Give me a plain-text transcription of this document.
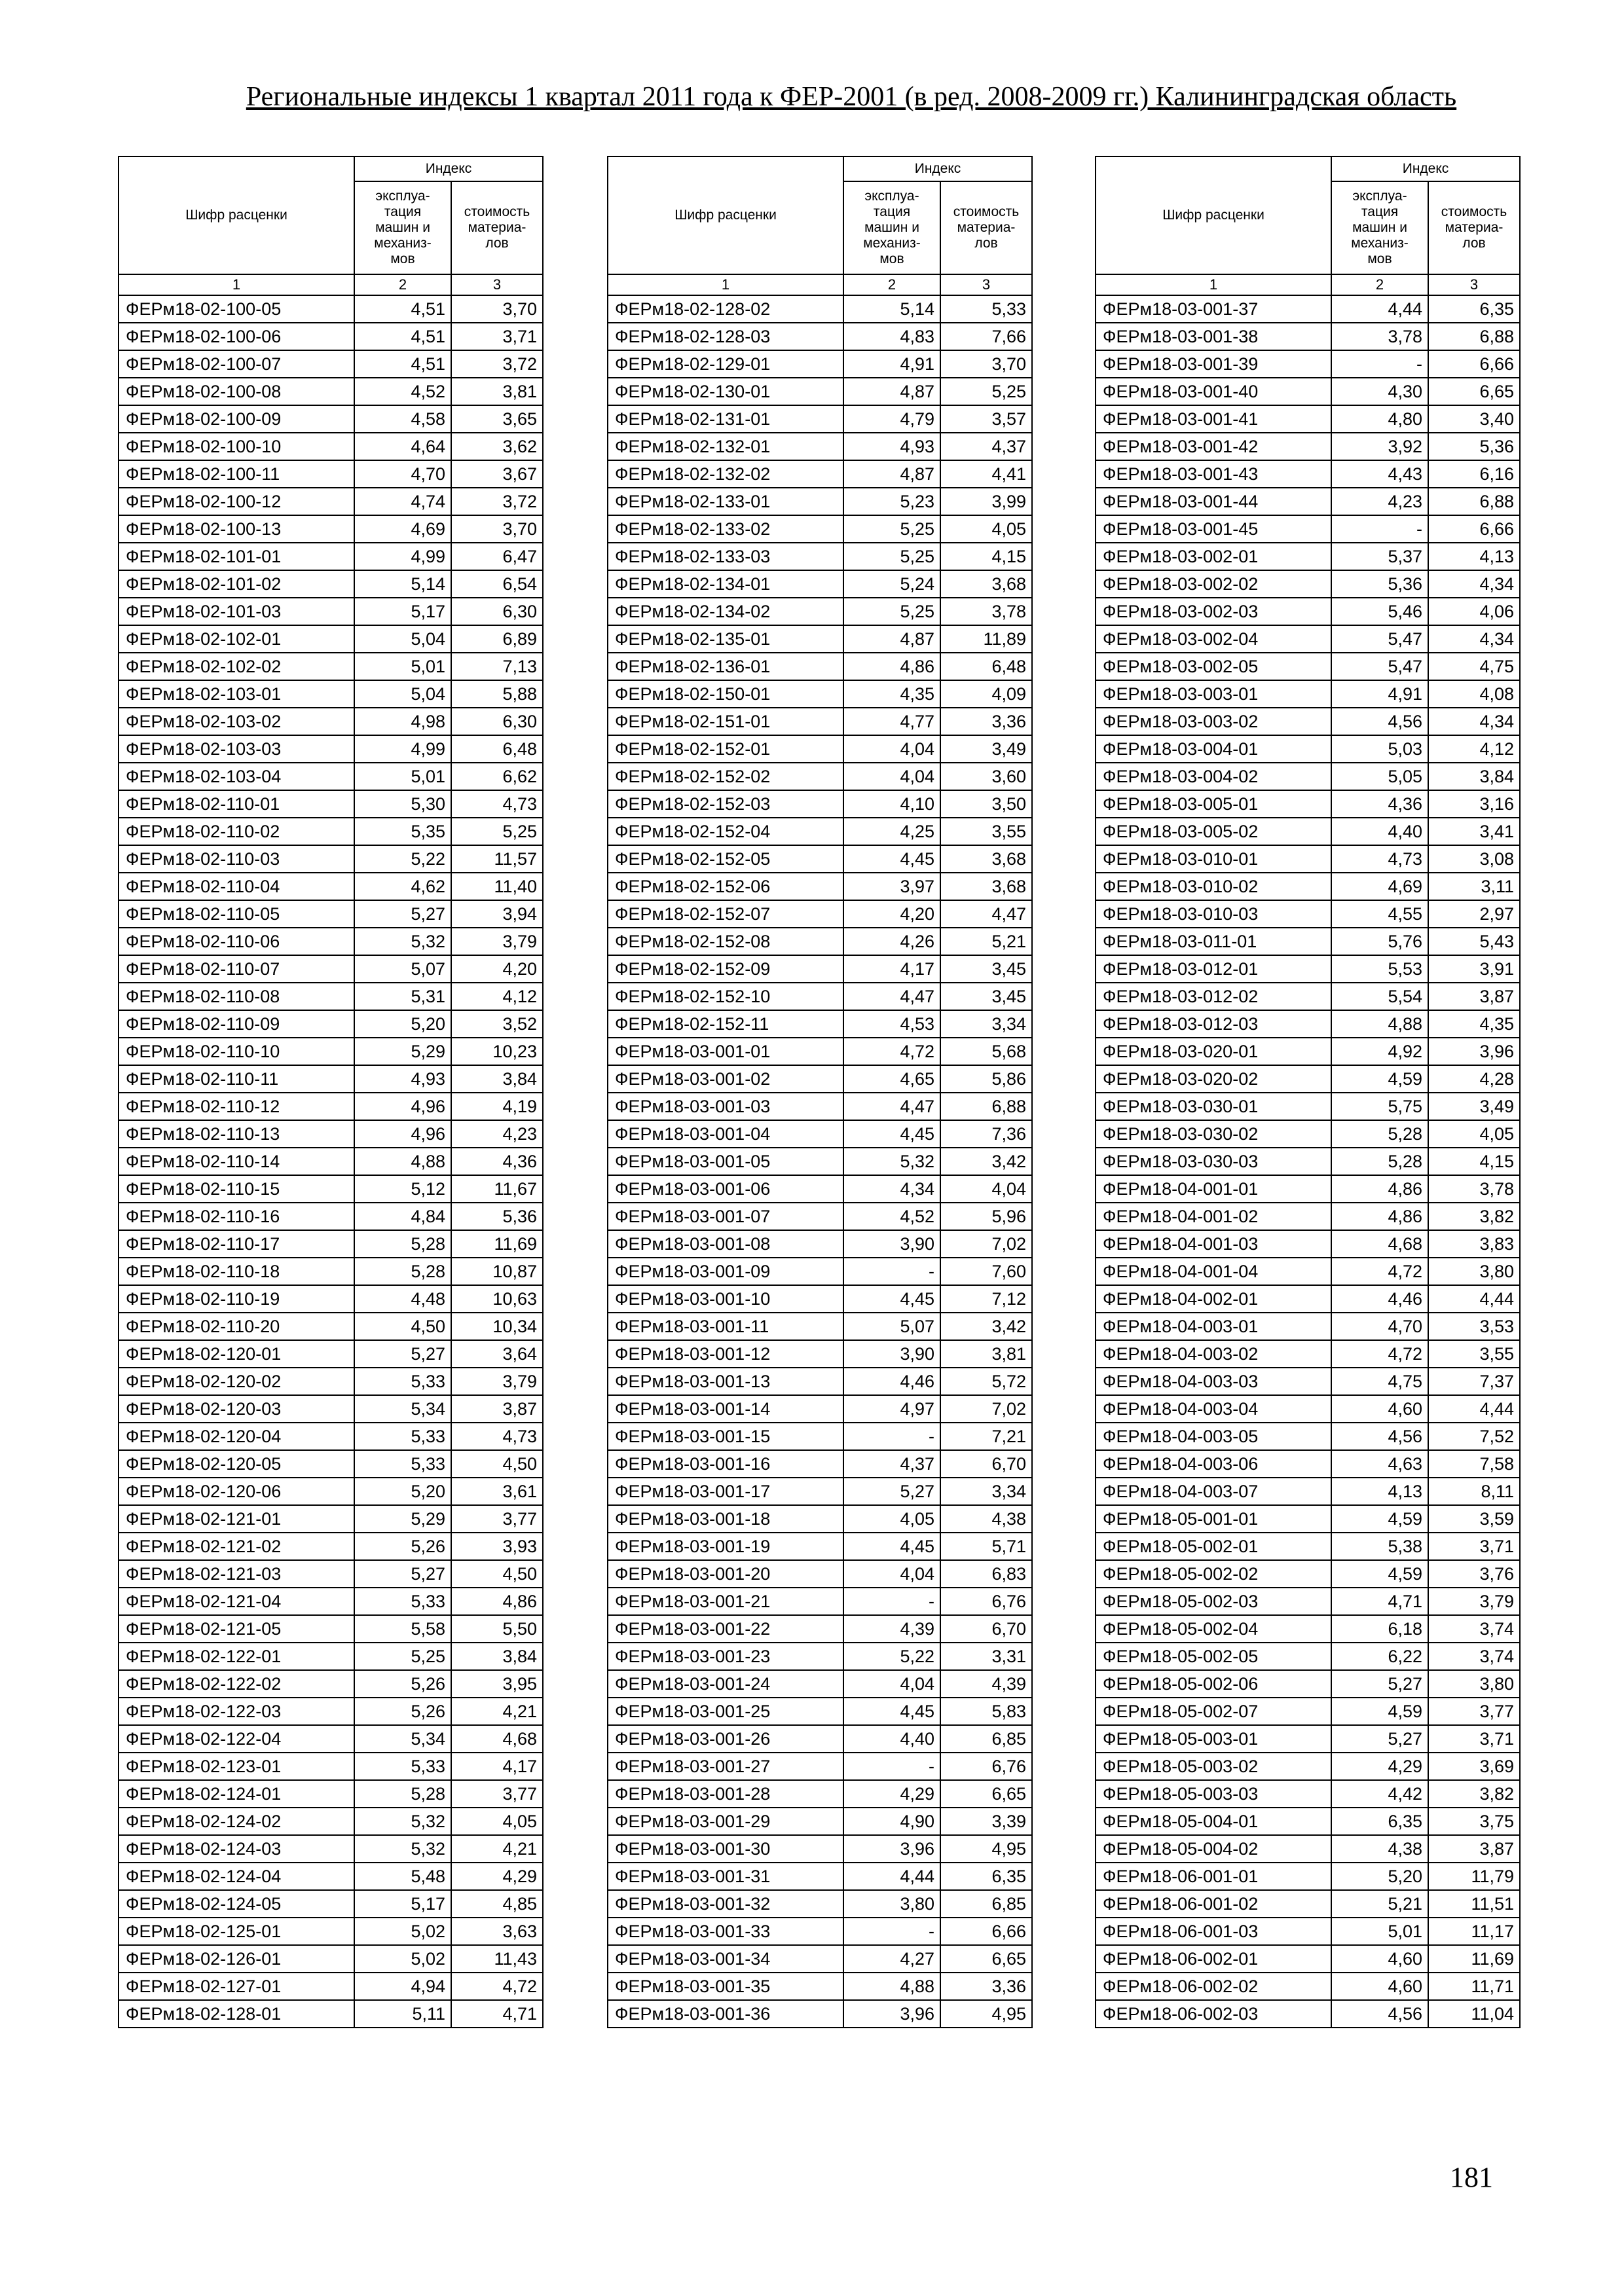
Региональные индексы 1 квартал 2011 года к ФЕР-2001 (в ред. 2008-2009 гг.) Калининградская область
Шифр расценки	Индекс	
	эксплуа-
тация
машин и
механиз-
мов	стоимость
материа-
лов
1	2	3
ФЕРм18-02-100-05	4,51	3,70
ФЕРм18-02-100-06	4,51	3,71
ФЕРм18-02-100-07	4,51	3,72
ФЕРм18-02-100-08	4,52	3,81
ФЕРм18-02-100-09	4,58	3,65
ФЕРм18-02-100-10	4,64	3,62
ФЕРм18-02-100-11	4,70	3,67
ФЕРм18-02-100-12	4,74	3,72
ФЕРм18-02-100-13	4,69	3,70
ФЕРм18-02-101-01	4,99	6,47
ФЕРм18-02-101-02	5,14	6,54
ФЕРм18-02-101-03	5,17	6,30
ФЕРм18-02-102-01	5,04	6,89
ФЕРм18-02-102-02	5,01	7,13
ФЕРм18-02-103-01	5,04	5,88
ФЕРм18-02-103-02	4,98	6,30
ФЕРм18-02-103-03	4,99	6,48
ФЕРм18-02-103-04	5,01	6,62
ФЕРм18-02-110-01	5,30	4,73
ФЕРм18-02-110-02	5,35	5,25
ФЕРм18-02-110-03	5,22	11,57
ФЕРм18-02-110-04	4,62	11,40
ФЕРм18-02-110-05	5,27	3,94
ФЕРм18-02-110-06	5,32	3,79
ФЕРм18-02-110-07	5,07	4,20
ФЕРм18-02-110-08	5,31	4,12
ФЕРм18-02-110-09	5,20	3,52
ФЕРм18-02-110-10	5,29	10,23
ФЕРм18-02-110-11	4,93	3,84
ФЕРм18-02-110-12	4,96	4,19
ФЕРм18-02-110-13	4,96	4,23
ФЕРм18-02-110-14	4,88	4,36
ФЕРм18-02-110-15	5,12	11,67
ФЕРм18-02-110-16	4,84	5,36
ФЕРм18-02-110-17	5,28	11,69
ФЕРм18-02-110-18	5,28	10,87
ФЕРм18-02-110-19	4,48	10,63
ФЕРм18-02-110-20	4,50	10,34
ФЕРм18-02-120-01	5,27	3,64
ФЕРм18-02-120-02	5,33	3,79
ФЕРм18-02-120-03	5,34	3,87
ФЕРм18-02-120-04	5,33	4,73
ФЕРм18-02-120-05	5,33	4,50
ФЕРм18-02-120-06	5,20	3,61
ФЕРм18-02-121-01	5,29	3,77
ФЕРм18-02-121-02	5,26	3,93
ФЕРм18-02-121-03	5,27	4,50
ФЕРм18-02-121-04	5,33	4,86
ФЕРм18-02-121-05	5,58	5,50
ФЕРм18-02-122-01	5,25	3,84
ФЕРм18-02-122-02	5,26	3,95
ФЕРм18-02-122-03	5,26	4,21
ФЕРм18-02-122-04	5,34	4,68
ФЕРм18-02-123-01	5,33	4,17
ФЕРм18-02-124-01	5,28	3,77
ФЕРм18-02-124-02	5,32	4,05
ФЕРм18-02-124-03	5,32	4,21
ФЕРм18-02-124-04	5,48	4,29
ФЕРм18-02-124-05	5,17	4,85
ФЕРм18-02-125-01	5,02	3,63
ФЕРм18-02-126-01	5,02	11,43
ФЕРм18-02-127-01	4,94	4,72
ФЕРм18-02-128-01	5,11	4,71
Шифр расценки	Индекс	
	эксплуа-
тация
машин и
механиз-
мов	стоимость
материа-
лов
1	2	3
ФЕРм18-02-128-02	5,14	5,33
ФЕРм18-02-128-03	4,83	7,66
ФЕРм18-02-129-01	4,91	3,70
ФЕРм18-02-130-01	4,87	5,25
ФЕРм18-02-131-01	4,79	3,57
ФЕРм18-02-132-01	4,93	4,37
ФЕРм18-02-132-02	4,87	4,41
ФЕРм18-02-133-01	5,23	3,99
ФЕРм18-02-133-02	5,25	4,05
ФЕРм18-02-133-03	5,25	4,15
ФЕРм18-02-134-01	5,24	3,68
ФЕРм18-02-134-02	5,25	3,78
ФЕРм18-02-135-01	4,87	11,89
ФЕРм18-02-136-01	4,86	6,48
ФЕРм18-02-150-01	4,35	4,09
ФЕРм18-02-151-01	4,77	3,36
ФЕРм18-02-152-01	4,04	3,49
ФЕРм18-02-152-02	4,04	3,60
ФЕРм18-02-152-03	4,10	3,50
ФЕРм18-02-152-04	4,25	3,55
ФЕРм18-02-152-05	4,45	3,68
ФЕРм18-02-152-06	3,97	3,68
ФЕРм18-02-152-07	4,20	4,47
ФЕРм18-02-152-08	4,26	5,21
ФЕРм18-02-152-09	4,17	3,45
ФЕРм18-02-152-10	4,47	3,45
ФЕРм18-02-152-11	4,53	3,34
ФЕРм18-03-001-01	4,72	5,68
ФЕРм18-03-001-02	4,65	5,86
ФЕРм18-03-001-03	4,47	6,88
ФЕРм18-03-001-04	4,45	7,36
ФЕРм18-03-001-05	5,32	3,42
ФЕРм18-03-001-06	4,34	4,04
ФЕРм18-03-001-07	4,52	5,96
ФЕРм18-03-001-08	3,90	7,02
ФЕРм18-03-001-09	-	7,60
ФЕРм18-03-001-10	4,45	7,12
ФЕРм18-03-001-11	5,07	3,42
ФЕРм18-03-001-12	3,90	3,81
ФЕРм18-03-001-13	4,46	5,72
ФЕРм18-03-001-14	4,97	7,02
ФЕРм18-03-001-15	-	7,21
ФЕРм18-03-001-16	4,37	6,70
ФЕРм18-03-001-17	5,27	3,34
ФЕРм18-03-001-18	4,05	4,38
ФЕРм18-03-001-19	4,45	5,71
ФЕРм18-03-001-20	4,04	6,83
ФЕРм18-03-001-21	-	6,76
ФЕРм18-03-001-22	4,39	6,70
ФЕРм18-03-001-23	5,22	3,31
ФЕРм18-03-001-24	4,04	4,39
ФЕРм18-03-001-25	4,45	5,83
ФЕРм18-03-001-26	4,40	6,85
ФЕРм18-03-001-27	-	6,76
ФЕРм18-03-001-28	4,29	6,65
ФЕРм18-03-001-29	4,90	3,39
ФЕРм18-03-001-30	3,96	4,95
ФЕРм18-03-001-31	4,44	6,35
ФЕРм18-03-001-32	3,80	6,85
ФЕРм18-03-001-33	-	6,66
ФЕРм18-03-001-34	4,27	6,65
ФЕРм18-03-001-35	4,88	3,36
ФЕРм18-03-001-36	3,96	4,95
Шифр расценки	Индекс	
	эксплуа-
тация
машин и
механиз-
мов	стоимость
материа-
лов
1	2	3
ФЕРм18-03-001-37	4,44	6,35
ФЕРм18-03-001-38	3,78	6,88
ФЕРм18-03-001-39	-	6,66
ФЕРм18-03-001-40	4,30	6,65
ФЕРм18-03-001-41	4,80	3,40
ФЕРм18-03-001-42	3,92	5,36
ФЕРм18-03-001-43	4,43	6,16
ФЕРм18-03-001-44	4,23	6,88
ФЕРм18-03-001-45	-	6,66
ФЕРм18-03-002-01	5,37	4,13
ФЕРм18-03-002-02	5,36	4,34
ФЕРм18-03-002-03	5,46	4,06
ФЕРм18-03-002-04	5,47	4,34
ФЕРм18-03-002-05	5,47	4,75
ФЕРм18-03-003-01	4,91	4,08
ФЕРм18-03-003-02	4,56	4,34
ФЕРм18-03-004-01	5,03	4,12
ФЕРм18-03-004-02	5,05	3,84
ФЕРм18-03-005-01	4,36	3,16
ФЕРм18-03-005-02	4,40	3,41
ФЕРм18-03-010-01	4,73	3,08
ФЕРм18-03-010-02	4,69	3,11
ФЕРм18-03-010-03	4,55	2,97
ФЕРм18-03-011-01	5,76	5,43
ФЕРм18-03-012-01	5,53	3,91
ФЕРм18-03-012-02	5,54	3,87
ФЕРм18-03-012-03	4,88	4,35
ФЕРм18-03-020-01	4,92	3,96
ФЕРм18-03-020-02	4,59	4,28
ФЕРм18-03-030-01	5,75	3,49
ФЕРм18-03-030-02	5,28	4,05
ФЕРм18-03-030-03	5,28	4,15
ФЕРм18-04-001-01	4,86	3,78
ФЕРм18-04-001-02	4,86	3,82
ФЕРм18-04-001-03	4,68	3,83
ФЕРм18-04-001-04	4,72	3,80
ФЕРм18-04-002-01	4,46	4,44
ФЕРм18-04-003-01	4,70	3,53
ФЕРм18-04-003-02	4,72	3,55
ФЕРм18-04-003-03	4,75	7,37
ФЕРм18-04-003-04	4,60	4,44
ФЕРм18-04-003-05	4,56	7,52
ФЕРм18-04-003-06	4,63	7,58
ФЕРм18-04-003-07	4,13	8,11
ФЕРм18-05-001-01	4,59	3,59
ФЕРм18-05-002-01	5,38	3,71
ФЕРм18-05-002-02	4,59	3,76
ФЕРм18-05-002-03	4,71	3,79
ФЕРм18-05-002-04	6,18	3,74
ФЕРм18-05-002-05	6,22	3,74
ФЕРм18-05-002-06	5,27	3,80
ФЕРм18-05-002-07	4,59	3,77
ФЕРм18-05-003-01	5,27	3,71
ФЕРм18-05-003-02	4,29	3,69
ФЕРм18-05-003-03	4,42	3,82
ФЕРм18-05-004-01	6,35	3,75
ФЕРм18-05-004-02	4,38	3,87
ФЕРм18-06-001-01	5,20	11,79
ФЕРм18-06-001-02	5,21	11,51
ФЕРм18-06-001-03	5,01	11,17
ФЕРм18-06-002-01	4,60	11,69
ФЕРм18-06-002-02	4,60	11,71
ФЕРм18-06-002-03	4,56	11,04
181
